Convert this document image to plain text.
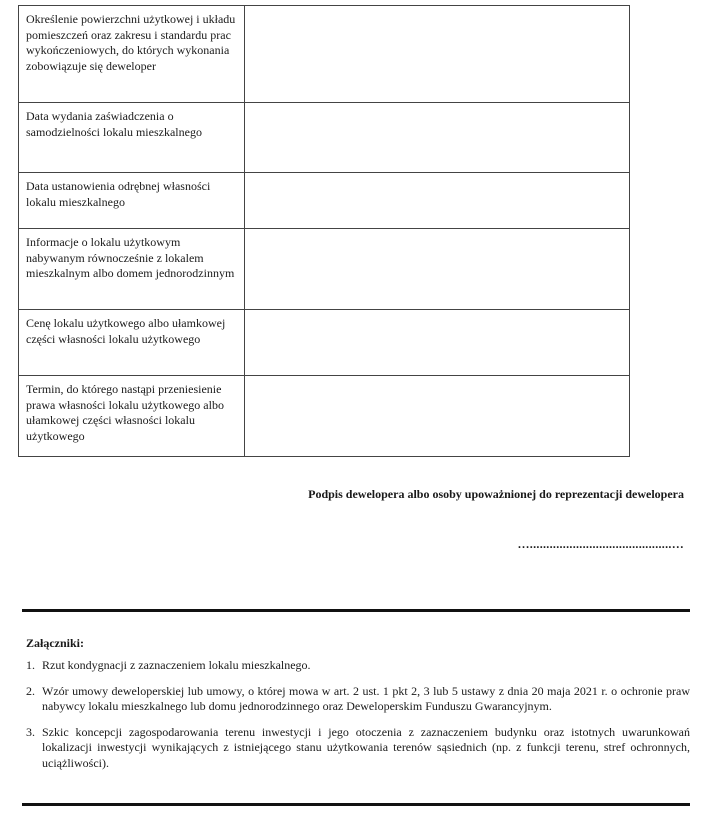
Określenie powierzchni użytkowej i układu pomieszczeń oraz zakresu i standardu prac wykończeniowych, do których wykonania zobowiązuje się deweloper	
Data wydania zaświadczenia o samodzielności lokalu mieszkalnego	
Data ustanowienia odrębnej własności lokalu mieszkalnego	
Informacje o lokalu użytkowym nabywanym równocześnie z lokalem mieszkalnym albo domem jednorodzinnym	
Cenę lokalu użytkowego albo ułamkowej części własności lokalu użytkowego	
Termin, do którego nastąpi przeniesienie prawa własności lokalu użytkowego albo ułamkowej części własności lokalu użytkowego	
Podpis dewelopera albo osoby upoważnionej do reprezentacji dewelopera
…...........................................…
Załączniki:
1. Rzut kondygnacji z zaznaczeniem lokalu mieszkalnego.
2. Wzór umowy deweloperskiej lub umowy, o której mowa w art. 2 ust. 1 pkt 2, 3 lub 5 ustawy z dnia 20 maja 2021 r. o ochronie praw nabywcy lokalu mieszkalnego lub domu jednorodzinnego oraz Deweloperskim Funduszu Gwarancyjnym.
3. Szkic koncepcji zagospodarowania terenu inwestycji i jego otoczenia z zaznaczeniem budynku oraz istotnych uwarunkowań lokalizacji inwestycji wynikających z istniejącego stanu użytkowania terenów sąsiednich (np. z funkcji terenu, stref ochronnych, uciążliwości).
